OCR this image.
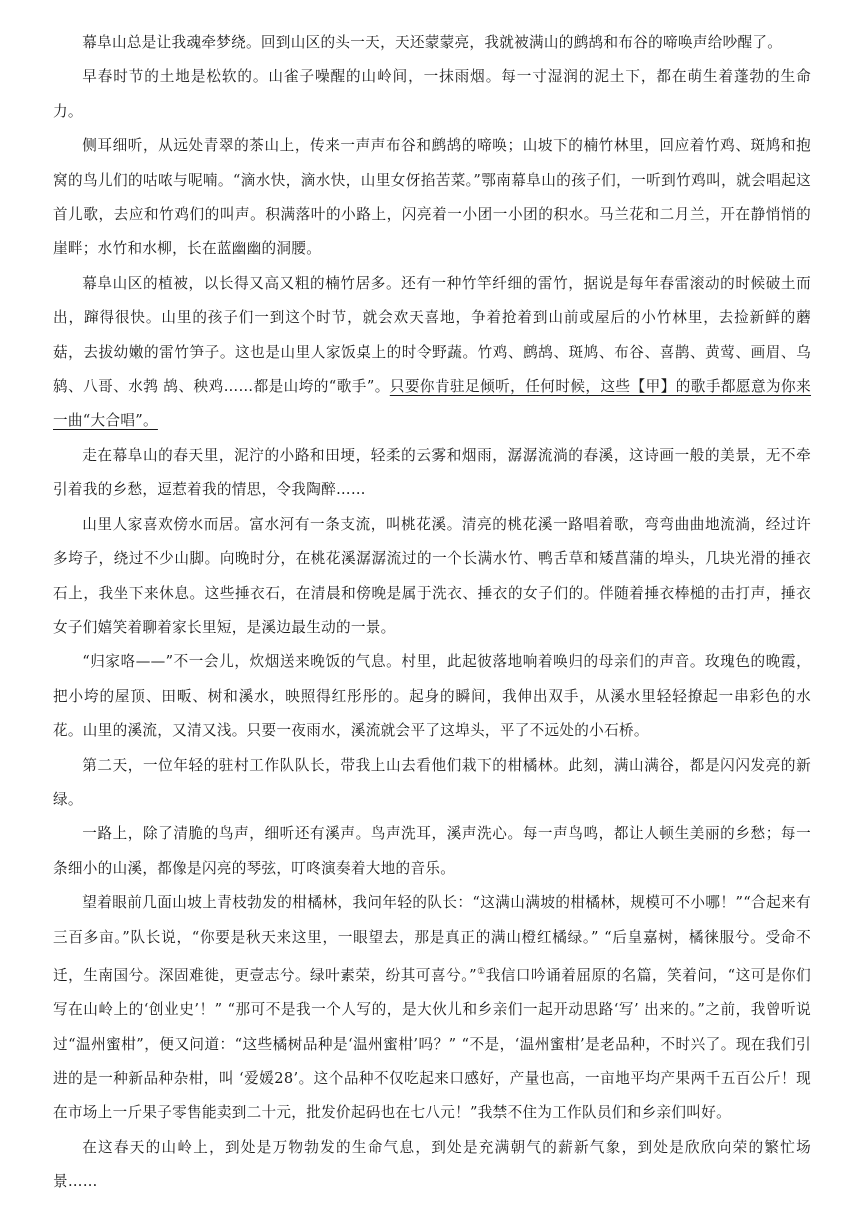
幕阜山总是让我魂牵梦绕。回到山区的头一天，天还蒙蒙亮，我就被满山的鹧鸪和布谷的啼唤声给吵醒了。

早春时节的土地是松软的。山雀子噪醒的山岭间，一抹雨烟。每一寸湿润的泥土下，都在萌生着蓬勃的生命力。

侧耳细听，从远处青翠的茶山上，传来一声声布谷和鹧鸪的啼唤；山坡下的楠竹林里，回应着竹鸡、斑鸠和抱窝的鸟儿们的咕哝与呢喃。“滴水快，滴水快，山里女伢掐苦菜。”鄂南幕阜山的孩子们，一听到竹鸡叫，就会唱起这首儿歌，去应和竹鸡们的叫声。积满落叶的小路上，闪亮着一小团一小团的积水。马兰花和二月兰，开在静悄悄的崖畔；水竹和水柳，长在蓝幽幽的洞腰。

幕阜山区的植被，以长得又高又粗的楠竹居多。还有一种竹竿纤细的雷竹，据说是每年春雷滚动的时候破土而出，蹿得很快。山里的孩子们一到这个时节，就会欢天喜地，争着抢着到山前或屋后的小竹林里，去捡新鲜的蘑菇，去拔幼嫩的雷竹笋子。这也是山里人家饭桌上的时令野蔬。竹鸡、鹧鸪、斑鸠、布谷、喜鹊、黄莺、画眉、乌鸫、八哥、水鹁 鸪、秧鸡……都是山垮的“歌手”。只要你肯驻足倾听，任何时候，这些【甲】的歌手都愿意为你来一曲“大合唱”。

走在幕阜山的春天里，泥泞的小路和田埂，轻柔的云雾和烟雨，潺潺流淌的春溪，这诗画一般的美景，无不牵引着我的乡愁，逗惹着我的情思，令我陶醉……

山里人家喜欢傍水而居。富水河有一条支流，叫桃花溪。清亮的桃花溪一路唱着歌，弯弯曲曲地流淌，经过许多垮子，绕过不少山脚。向晚时分，在桃花溪潺潺流过的一个长满水竹、鸭舌草和矮菖蒲的埠头，几块光滑的捶衣石上，我坐下来休息。这些捶衣石，在清晨和傍晚是属于洗衣、捶衣的女子们的。伴随着捶衣棒槌的击打声，捶衣女子们嬉笑着聊着家长里短，是溪边最生动的一景。

“归家咯——”不一会儿，炊烟送来晚饭的气息。村里，此起彼落地响着唤归的母亲们的声音。玫瑰色的晚霞，把小垮的屋顶、田畈、树和溪水，映照得红彤彤的。起身的瞬间，我伸出双手，从溪水里轻轻撩起一串彩色的水花。山里的溪流，又清又浅。只要一夜雨水，溪流就会平了这埠头，平了不远处的小石桥。

第二天，一位年轻的驻村工作队队长，带我上山去看他们栽下的柑橘林。此刻，满山满谷，都是闪闪发亮的新绿。

一路上，除了清脆的鸟声，细听还有溪声。鸟声洗耳，溪声洗心。每一声鸟鸣，都让人顿生美丽的乡愁；每一条细小的山溪，都像是闪亮的琴弦，叮咚演奏着大地的音乐。

望着眼前几面山坡上青枝勃发的柑橘林，我问年轻的队长：“这满山满坡的柑橘林，规模可不小哪！”“合起来有三百多亩。”队长说，“你要是秋天来这里，一眼望去，那是真正的满山橙红橘绿。” “后皇嘉树，橘徕服兮。受命不迁，生南国兮。深固难徙，更壹志兮。绿叶素荣，纷其可喜兮。”①我信口吟诵着屈原的名篇，笑着问，“这可是你们写在山岭上的‘创业史’！” “那可不是我一个人写的，是大伙儿和乡亲们一起开动思路‘写’ 出来的。”之前，我曾听说过“温州蜜柑”，便又问道：“这些橘树品种是‘温州蜜柑’吗？” “不是，‘温州蜜柑’是老品种，不时兴了。现在我们引进的是一种新品种杂柑，叫 ‘爱媛28’。这个品种不仅吃起来口感好，产量也高，一亩地平均产果两千五百公斤！现在市场上一斤果子零售能卖到二十元，批发价起码也在七八元！”我禁不住为工作队员们和乡亲们叫好。

在这春天的山岭上，到处是万物勃发的生命气息，到处是充满朝气的薪新气象，到处是欣欣向荣的繁忙场景……
